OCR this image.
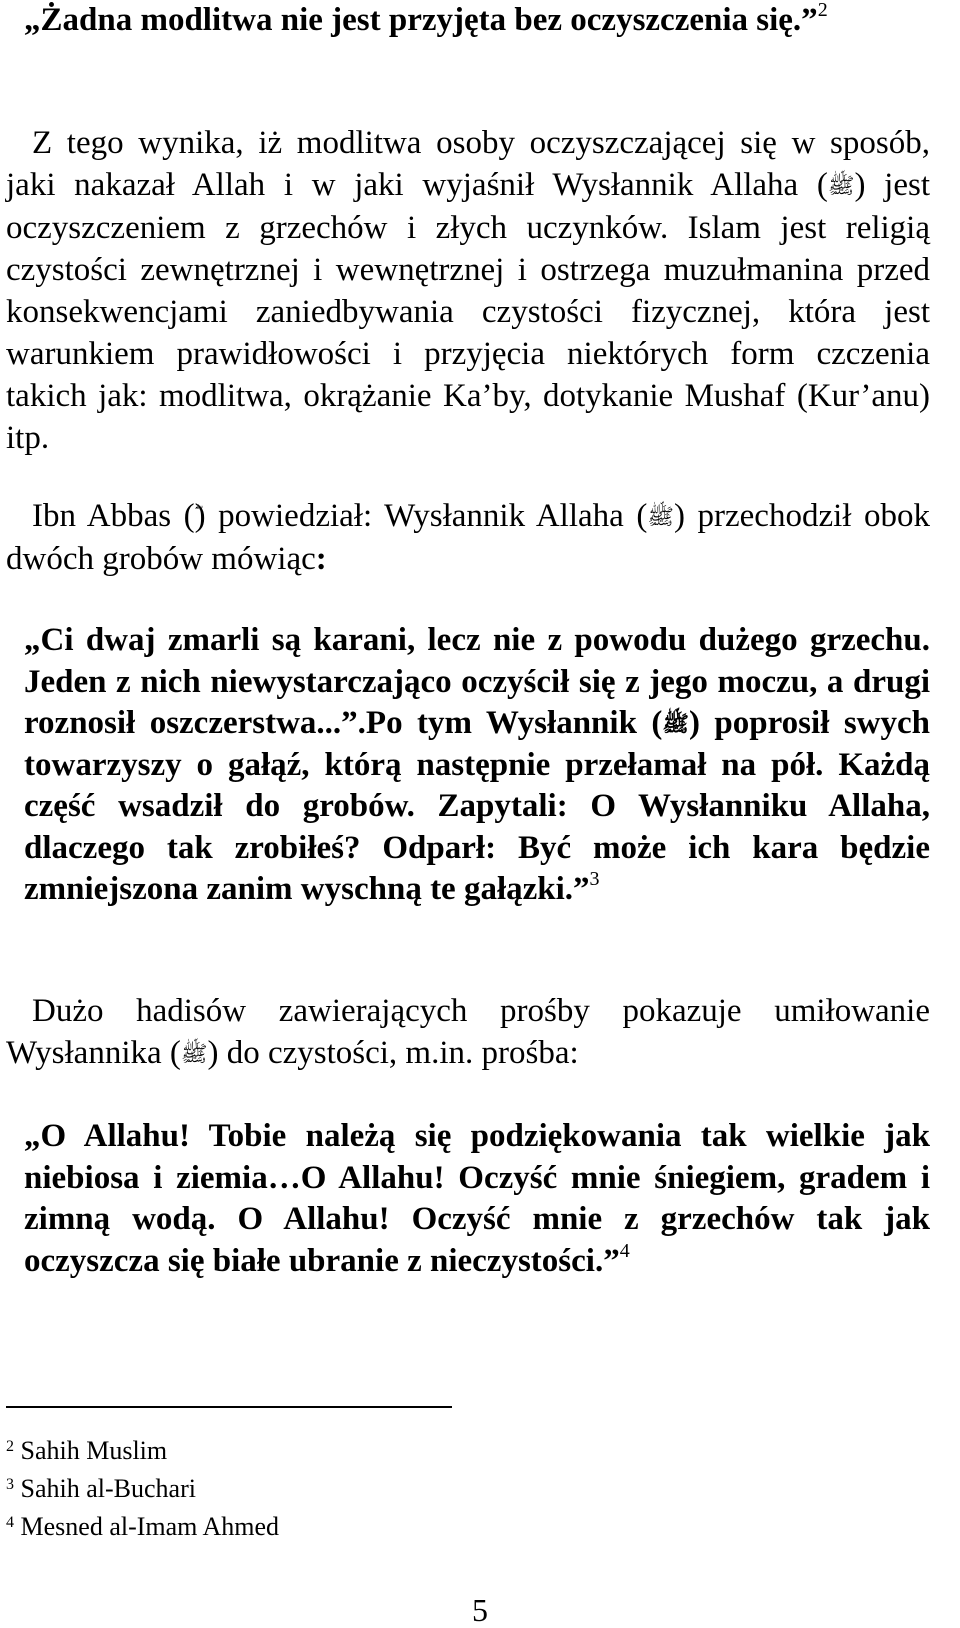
„Żadna modlitwa nie jest przyjęta bez oczyszczenia się.”$^2$

Z tego wynika, iż modlitwa osoby oczyszczającej się w sposób, jaki nakazał Allah i w jaki wyjaśnił Wysłannik Allaha (ﷺ) jest oczyszczeniem z grzechów i złych uczynków. Islam jest religią czystości zewnętrznej i wewnętrznej i ostrzega muzułmanina przed konsekwencjami zaniedbywania czystości fizycznej, która jest warunkiem prawidłowości i przyjęcia niektórych form czczenia takich jak: modlitwa, okrążanie Ka’by, dotykanie Mushaf (Kur’anu) itp.

Ibn Abbas () powiedział: Wysłannik Allaha (ﷺ) przechodził obok dwóch grobów mówiąc:

„Ci dwaj zmarli są karani, lecz nie z powodu dużego grzechu. Jeden z nich niewystarczająco oczyścił się z jego moczu, a drugi roznosił oszczerstwa...”.Po tym Wysłannik (ﷺ) poprosił swych towarzyszy o gałąź, którą następnie przełamał na pół. Każdą część wsadził do grobów. Zapytali: O Wysłanniku Allaha, dlaczego tak zrobiłeś? Odparł: Być może ich kara będzie zmniejszona zanim wyschną te gałązki.”$^3$

Dużo hadisów zawierających prośby pokazuje umiłowanie Wysłannika (ﷺ) do czystości, m.in. prośba:

„O Allahu! Tobie należą się podziękowania tak wielkie jak niebiosa i ziemia…O Allahu! Oczyść mnie śniegiem, gradem i zimną wodą. O Allahu! Oczyść mnie z grzechów tak jak oczyszcza się białe ubranie z nieczystości.”$^4$

$^2$ Sahih Muslim
$^3$ Sahih al-Buchari
$^4$ Mesned al-Imam Ahmed
5
